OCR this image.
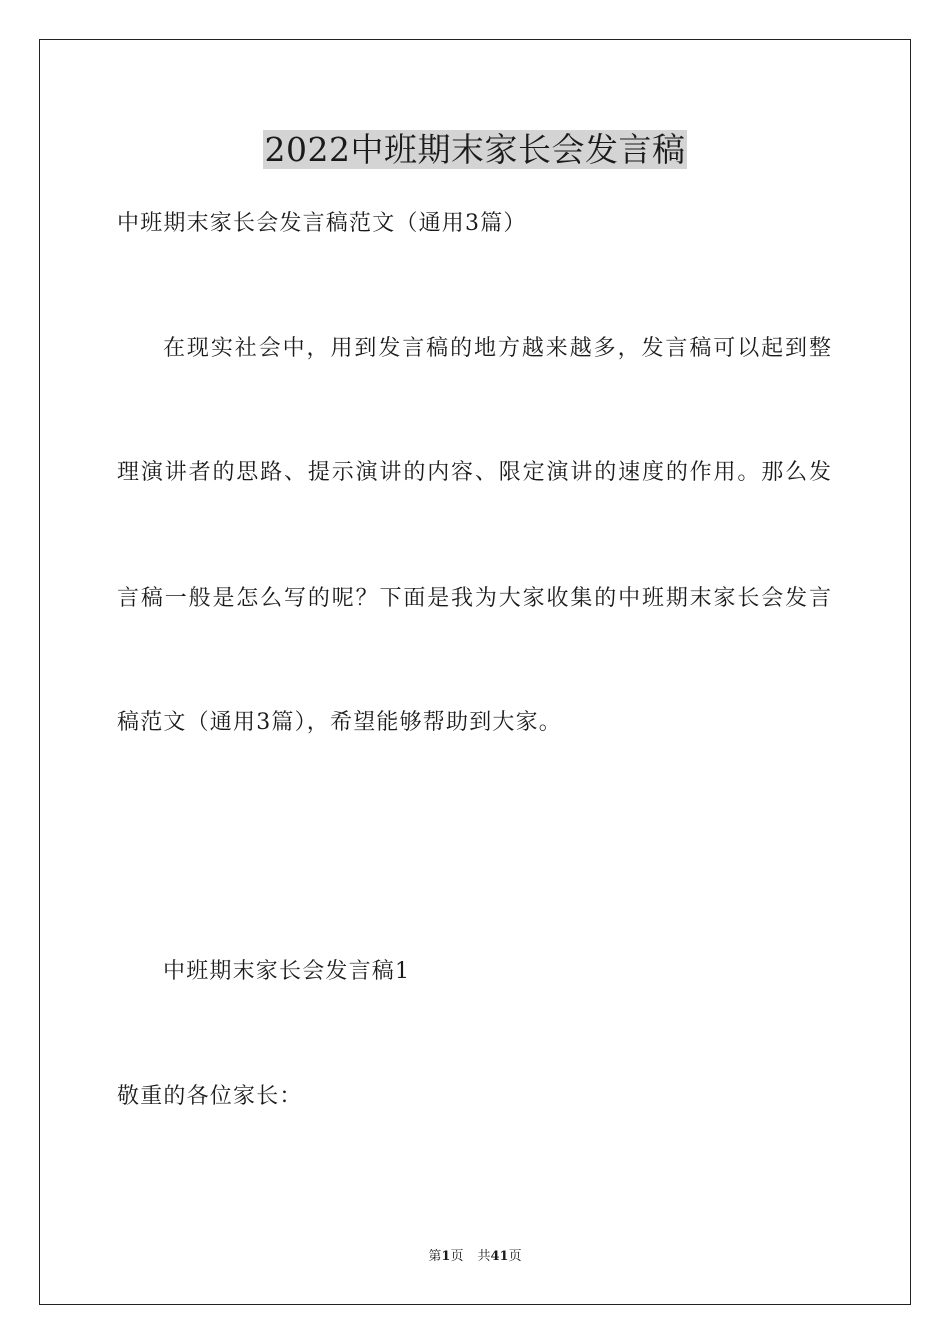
2022中班期末家长会发言稿
中班期末家长会发言稿范文（通用3篇）
在现实社会中，用到发言稿的地方越来越多，发言稿可以起到整
理演讲者的思路、提示演讲的内容、限定演讲的速度的作用。那么发
言稿一般是怎么写的呢？下面是我为大家收集的中班期末家长会发言
稿范文（通用3篇），希望能够帮助到大家。
中班期末家长会发言稿1
敬重的各位家长：
第1页 共41页
